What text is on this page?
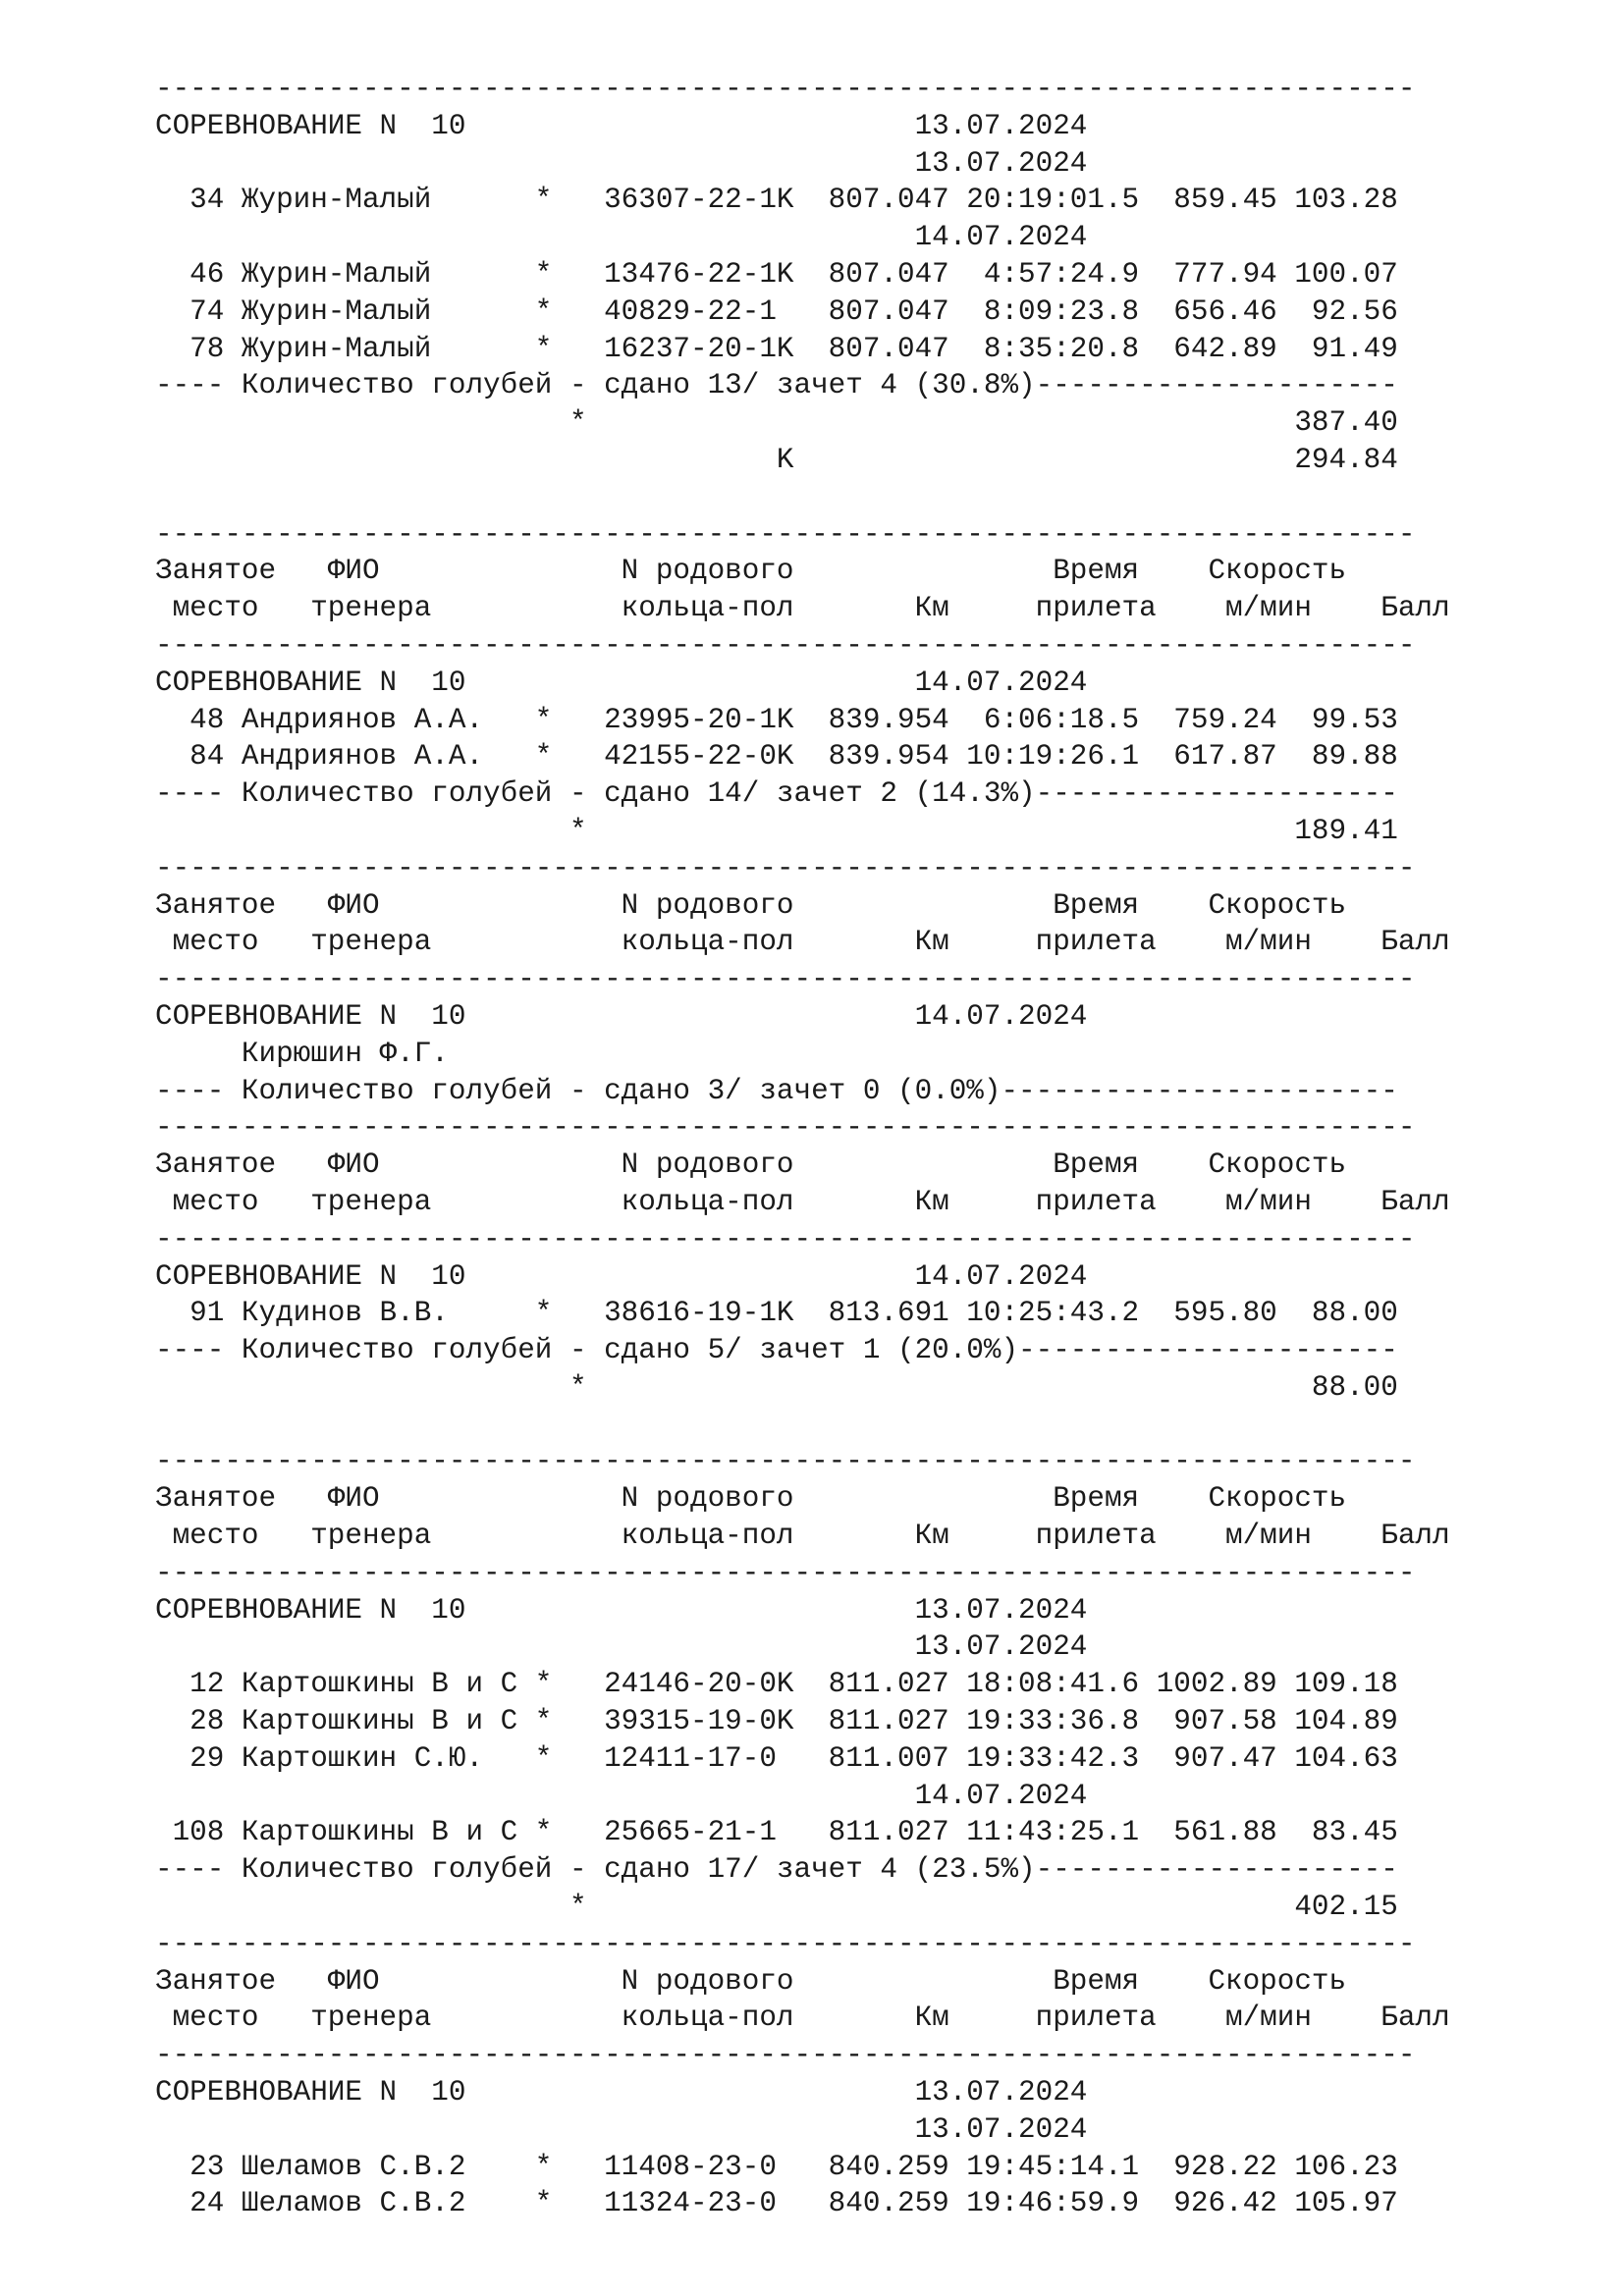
-------------------------------------------------------------------------
СОРЕВНОВАНИЕ N  10                          13.07.2024
13.07.2024
34 Журин-Малый      *   36307-22-1K  807.047 20:19:01.5  859.45 103.28
14.07.2024
46 Журин-Малый      *   13476-22-1K  807.047  4:57:24.9  777.94 100.07
74 Журин-Малый      *   40829-22-1   807.047  8:09:23.8  656.46  92.56
78 Журин-Малый      *   16237-20-1K  807.047  8:35:20.8  642.89  91.49
---- Количество голубей - сдано 13/ зачет 4 (30.8%)---------------------
*                                         387.40
K                             294.84
-------------------------------------------------------------------------
Занятое   ФИО              N родового               Время    Скорость
место   тренера           кольца-пол       Км     прилета    м/мин    Балл
-------------------------------------------------------------------------
СОРЕВНОВАНИЕ N  10                          14.07.2024
48 Андриянов А.А.   *   23995-20-1K  839.954  6:06:18.5  759.24  99.53
84 Андриянов А.А.   *   42155-22-0K  839.954 10:19:26.1  617.87  89.88
---- Количество голубей - сдано 14/ зачет 2 (14.3%)---------------------
*                                         189.41
-------------------------------------------------------------------------
Занятое   ФИО              N родового               Время    Скорость
место   тренера           кольца-пол       Км     прилета    м/мин    Балл
-------------------------------------------------------------------------
СОРЕВНОВАНИЕ N  10                          14.07.2024
Кирюшин Ф.Г.
---- Количество голубей - сдано 3/ зачет 0 (0.0%)-----------------------
-------------------------------------------------------------------------
Занятое   ФИО              N родового               Время    Скорость
место   тренера           кольца-пол       Км     прилета    м/мин    Балл
-------------------------------------------------------------------------
СОРЕВНОВАНИЕ N  10                          14.07.2024
91 Кудинов В.В.     *   38616-19-1K  813.691 10:25:43.2  595.80  88.00
---- Количество голубей - сдано 5/ зачет 1 (20.0%)----------------------
*                                          88.00
-------------------------------------------------------------------------
Занятое   ФИО              N родового               Время    Скорость
место   тренера           кольца-пол       Км     прилета    м/мин    Балл
-------------------------------------------------------------------------
СОРЕВНОВАНИЕ N  10                          13.07.2024
13.07.2024
12 Картошкины В и С *   24146-20-0K  811.027 18:08:41.6 1002.89 109.18
28 Картошкины В и С *   39315-19-0K  811.027 19:33:36.8  907.58 104.89
29 Картошкин С.Ю.   *   12411-17-0   811.007 19:33:42.3  907.47 104.63
14.07.2024
108 Картошкины В и С *   25665-21-1   811.027 11:43:25.1  561.88  83.45
---- Количество голубей - сдано 17/ зачет 4 (23.5%)---------------------
*                                         402.15
-------------------------------------------------------------------------
Занятое   ФИО              N родового               Время    Скорость
место   тренера           кольца-пол       Км     прилета    м/мин    Балл
-------------------------------------------------------------------------
СОРЕВНОВАНИЕ N  10                          13.07.2024
13.07.2024
23 Шеламов С.В.2    *   11408-23-0   840.259 19:45:14.1  928.22 106.23
24 Шеламов С.В.2    *   11324-23-0   840.259 19:46:59.9  926.42 105.97
